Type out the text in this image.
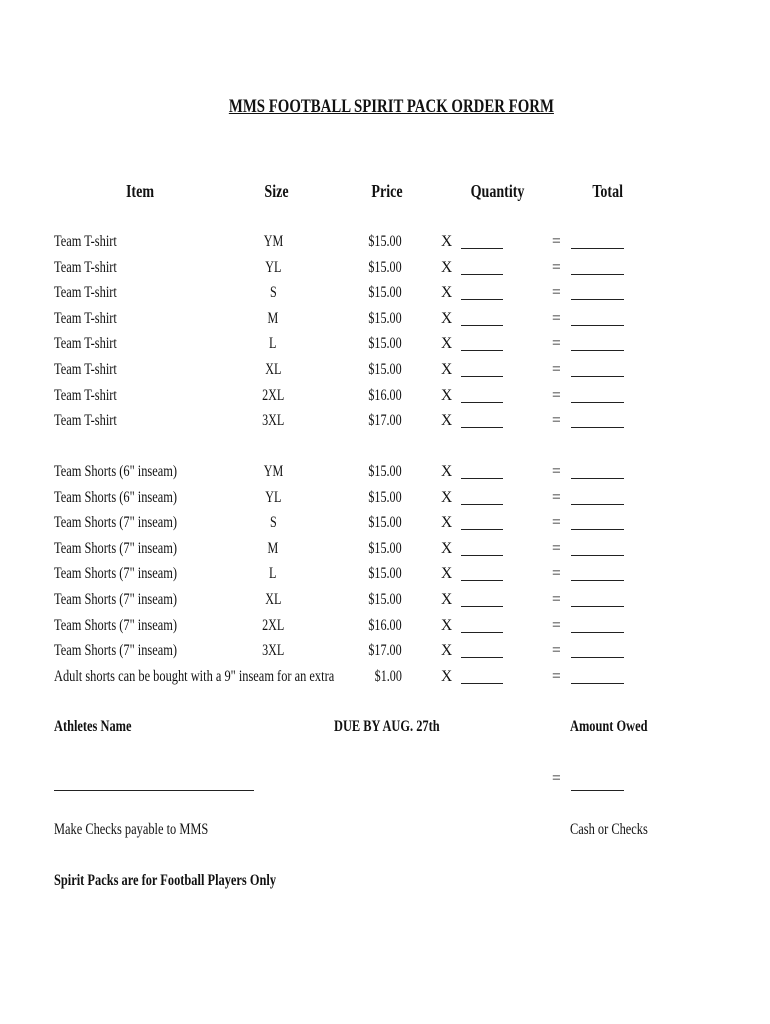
MMS FOOTBALL SPIRIT PACK ORDER FORM
Item	Size	Price	Quantity	Total
Team T-shirt	YM	$15.00	X	=
Team T-shirt	YL	$15.00	X	=
Team T-shirt	S	$15.00	X	=
Team T-shirt	M	$15.00	X	=
Team T-shirt	L	$15.00	X	=
Team T-shirt	XL	$15.00	X	=
Team T-shirt	2XL	$16.00	X	=
Team T-shirt	3XL	$17.00	X	=
Team Shorts (6" inseam)	YM	$15.00	X	=
Team Shorts (6" inseam)	YL	$15.00	X	=
Team Shorts (7" inseam)	S	$15.00	X	=
Team Shorts (7" inseam)	M	$15.00	X	=
Team Shorts (7" inseam)	L	$15.00	X	=
Team Shorts (7" inseam)	XL	$15.00	X	=
Team Shorts (7" inseam)	2XL	$16.00	X	=
Team Shorts (7" inseam)	3XL	$17.00	X	=
Adult shorts can be bought with a 9" inseam for an extra	$1.00	X	=
Athletes Name	DUE BY AUG. 27th	Amount Owed
=
Make Checks payable to MMS	Cash or Checks
Spirit Packs are for Football Players Only
